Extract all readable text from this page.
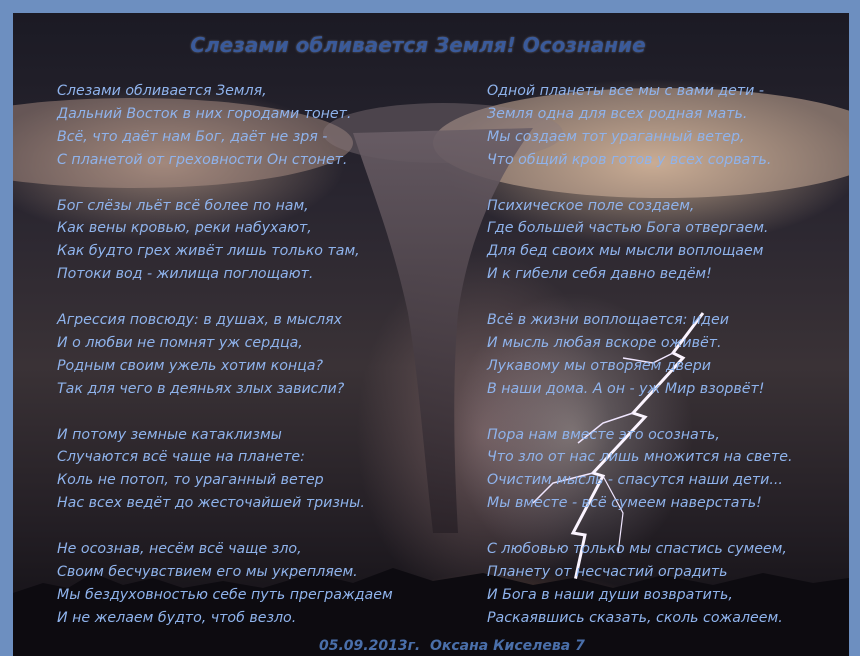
Слезами обливается Земля! Осознание
Слезами обливается Земля,
Дальний Восток в них городами тонет.
Всё, что даёт нам Бог, даёт не зря -
С планетой от греховности Он стонет.
Бог слёзы льёт всё более по нам,
Как вены кровью, реки набухают,
Как будто грех живёт лишь только там,
Потоки вод - жилища поглощают.
Агрессия повсюду: в душах, в мыслях
И о любви не помнят уж сердца,
Родным своим ужель хотим конца?
Так для чего в деяньях злых зависли?
И потому земные катаклизмы
Случаются всё чаще на планете:
Коль не потоп, то ураганный ветер
Нас всех ведёт до жесточайшей тризны.
Не осознав, несём всё чаще зло,
Своим бесчувствием его мы укрепляем.
Мы бездуховностью себе путь преграждаем
И не желаем будто, чтоб везло.
Одной планеты все мы с вами дети -
Земля одна для всех родная мать.
Мы создаем тот ураганный ветер,
Что общий кров готов у всех сорвать.
Психическое поле создаем,
Где большей частью Бога отвергаем.
Для бед своих мы мысли воплощаем
И к гибели себя давно ведём!
Всё в жизни воплощается: идеи
И мысль любая вскоре оживёт.
Лукавому мы отворяем двери
В наши дома. А он - уж Мир взорвёт!
Пора нам вместе это осознать,
Что зло от нас лишь множится на свете.
Очистим мысль - спасутся наши дети...
Мы вместе - всё сумеем наверстать!
С любовью только мы спастись сумеем,
Планету от несчастий оградить
И Бога в наши души возвратить,
Раскаявшись сказать, сколь сожалеем.
05.09.2013г.  Оксана Киселева 7
